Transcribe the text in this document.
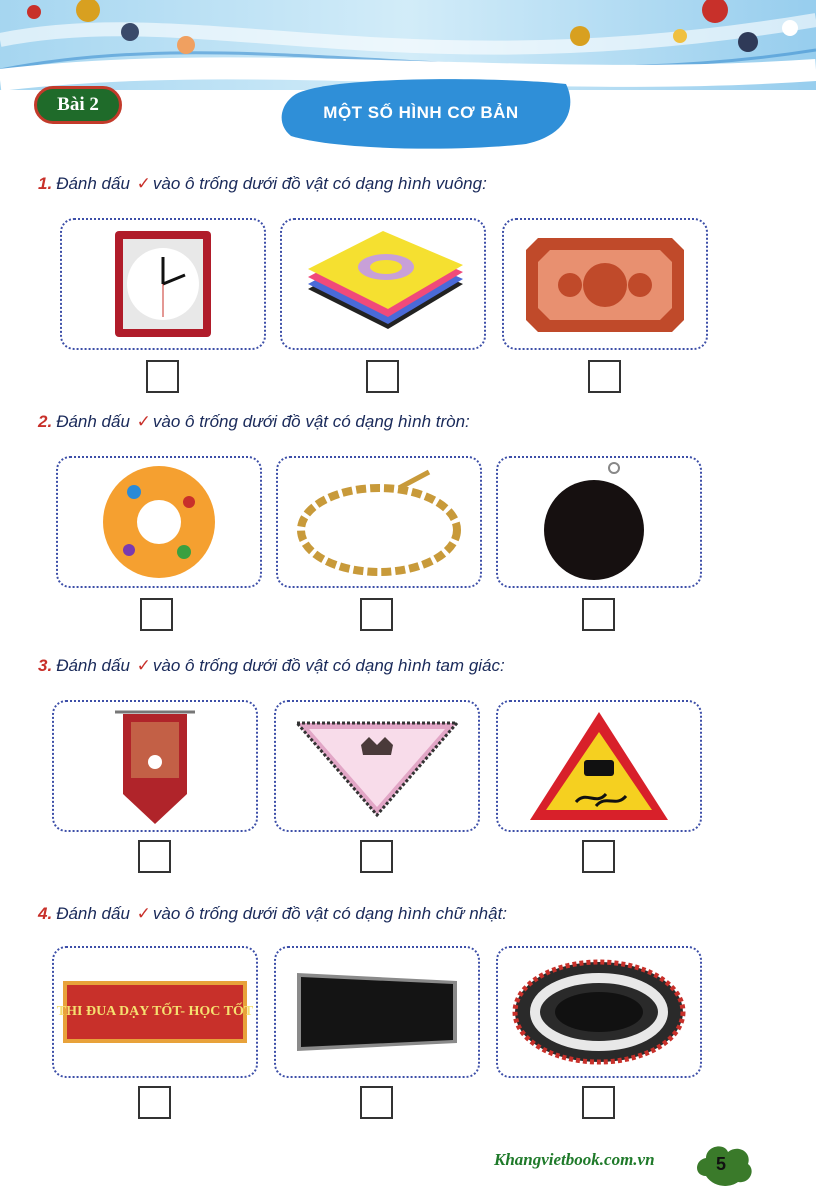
Bài 2	MỘT SỐ HÌNH CƠ BẢN
1. Đánh dấu ✓ vào ô trống dưới đồ vật có dạng hình vuông:
2. Đánh dấu ✓ vào ô trống dưới đồ vật có dạng hình tròn:
3. Đánh dấu ✓ vào ô trống dưới đồ vật có dạng hình tam giác:
4. Đánh dấu ✓ vào ô trống dưới đồ vật có dạng hình chữ nhật:
THI ĐUA DẠY TỐT- HỌC TỐT
Khangvietbook.com.vn	5
